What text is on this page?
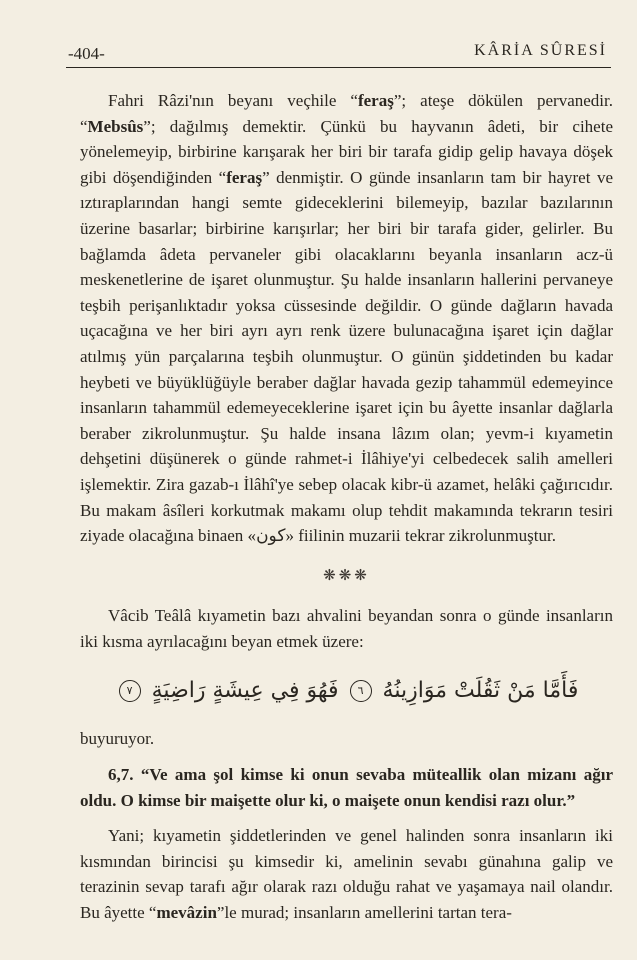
-404-	KÂRİA SÛRESİ

Fahri Râzi'nın beyanı veçhile “feraş”; ateşe dökülen pervanedir. “Mebsûs”; dağılmış demektir. Çünkü bu hayvanın âdeti, bir cihete yönelemeyip, birbirine karışarak her biri bir tarafa gidip gelip havaya döşek gibi döşendiğinden “feraş” denmiştir. O günde insanların tam bir hayret ve ıztıraplarından hangi semte gideceklerini bilemeyip, bazılar bazılarının üzerine basarlar; birbirine karışırlar; her biri bir tarafa gider, gelirler. Bu bağlamda âdeta pervaneler gibi olacaklarını beyanla insanların acz-ü meskenetlerine de işaret olunmuştur. Şu halde insanların hallerini pervaneye teşbih perişanlıktadır yoksa cüssesinde değildir. O günde dağların havada uçacağına ve her biri ayrı ayrı renk üzere bulunacağına işaret için dağlar atılmış yün parçalarına teşbih olunmuştur. O günün şiddetinden bu kadar heybeti ve büyüklüğüyle beraber dağlar havada gezip tahammül edemeyince insanların tahammül edemeyeceklerine işaret için bu âyette insanlar dağlarla beraber zikrolunmuştur. Şu halde insana lâzım olan; yevm-i kıyametin dehşetini düşünerek o günde rahmet-i İlâhiye'yi celbedecek salih amelleri işlemektir. Zira gazab-ı İlâhî'ye sebep olacak kibr-ü azamet, helâki çağırıcıdır. Bu makam âsîleri korkutmak makamı olup tehdit makamında tekrarın tesiri ziyade olacağına binaen «كون» fiilinin muzarii tekrar zikrolunmuştur.

❋❋❋

Vâcib Teâlâ kıyametin bazı ahvalini beyandan sonra o günde insanların iki kısma ayrılacağını beyan etmek üzere:

فَأَمَّا مَنْ ثَقُلَتْ مَوَازِينُهُ ٦ فَهُوَ فِي عِيشَةٍ رَاضِيَةٍ ٧

buyuruyor.

6,7. “Ve ama şol kimse ki onun sevaba müteallik olan mizanı ağır oldu. O kimse bir maişette olur ki, o maişete onun kendisi razı olur.”

Yani; kıyametin şiddetlerinden ve genel halinden sonra insanların iki kısmından birincisi şu kimsedir ki, amelinin sevabı günahına galip ve terazinin sevap tarafı ağır olarak razı olduğu rahat ve yaşamaya nail olandır. Bu âyette “mevâzin”le murad; insanların amellerini tartan tera-
